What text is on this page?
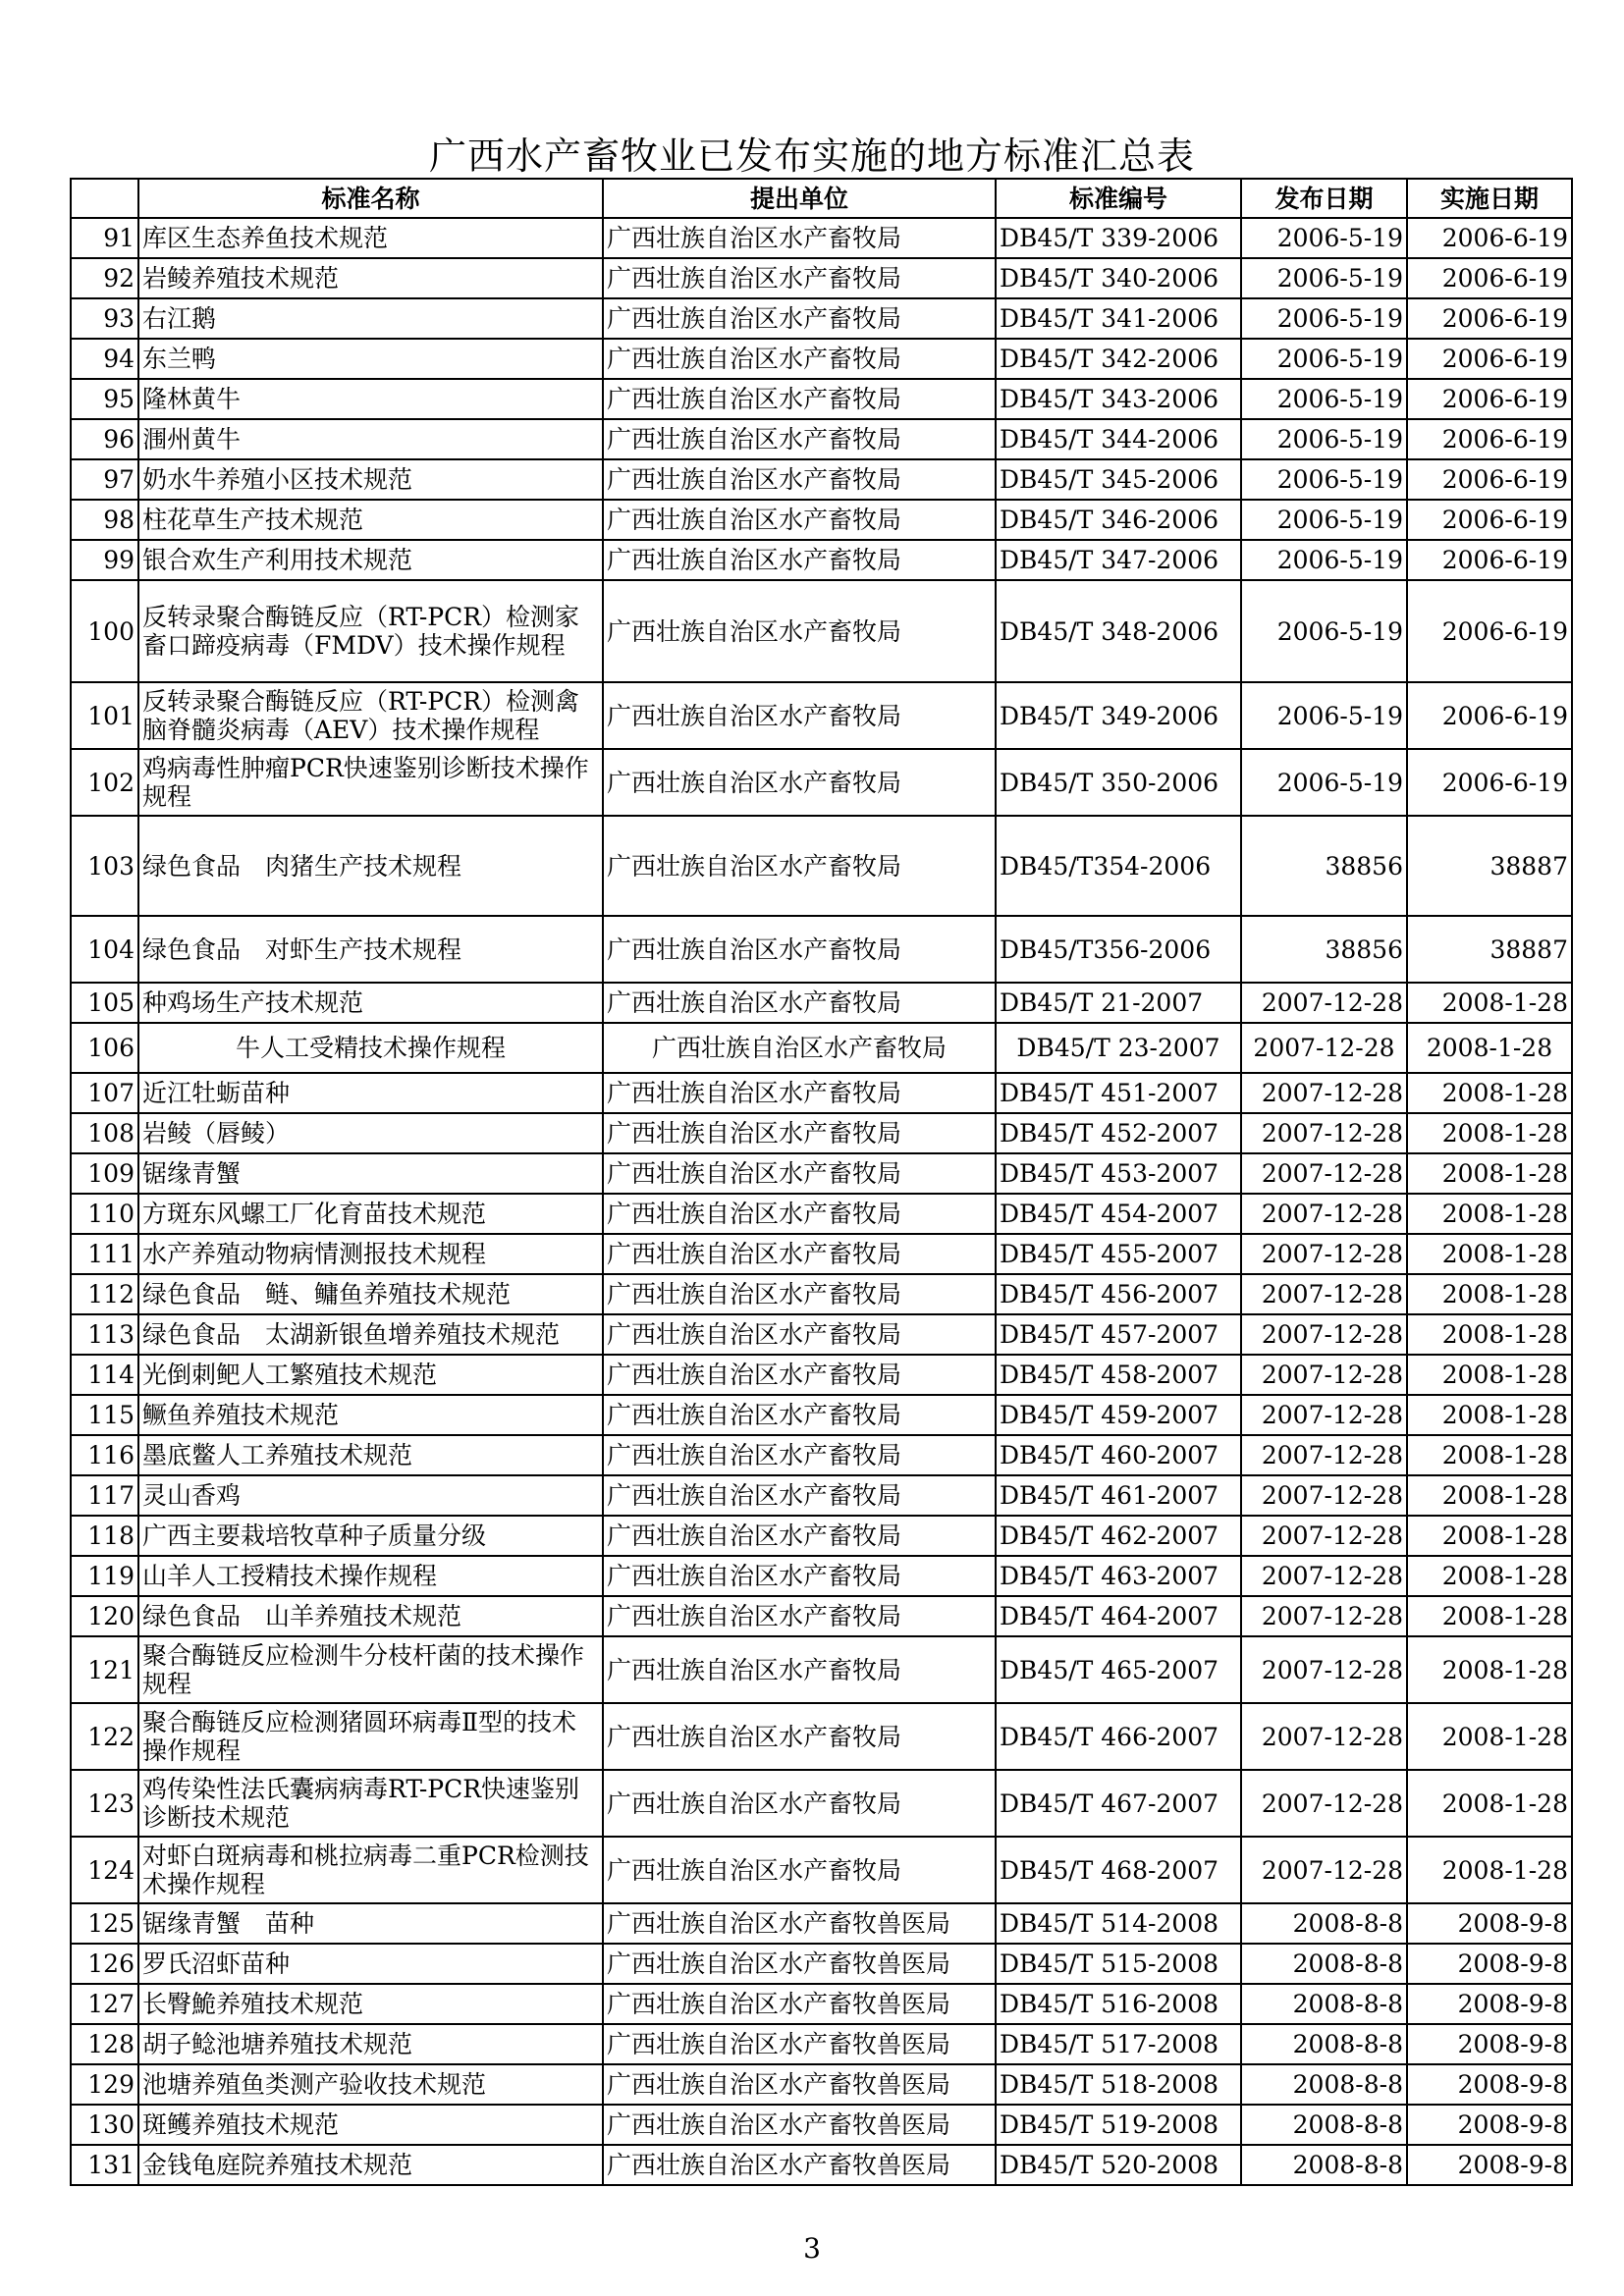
广西水产畜牧业已发布实施的地方标准汇总表
	标准名称	提出单位	标准编号	发布日期	实施日期
91	库区生态养鱼技术规范	广西壮族自治区水产畜牧局	DB45/T 339-2006	2006-5-19	2006-6-19
92	岩鲮养殖技术规范	广西壮族自治区水产畜牧局	DB45/T 340-2006	2006-5-19	2006-6-19
93	右江鹅	广西壮族自治区水产畜牧局	DB45/T 341-2006	2006-5-19	2006-6-19
94	东兰鸭	广西壮族自治区水产畜牧局	DB45/T 342-2006	2006-5-19	2006-6-19
95	隆林黄牛	广西壮族自治区水产畜牧局	DB45/T 343-2006	2006-5-19	2006-6-19
96	涠州黄牛	广西壮族自治区水产畜牧局	DB45/T 344-2006	2006-5-19	2006-6-19
97	奶水牛养殖小区技术规范	广西壮族自治区水产畜牧局	DB45/T 345-2006	2006-5-19	2006-6-19
98	柱花草生产技术规范	广西壮族自治区水产畜牧局	DB45/T 346-2006	2006-5-19	2006-6-19
99	银合欢生产利用技术规范	广西壮族自治区水产畜牧局	DB45/T 347-2006	2006-5-19	2006-6-19
100	反转录聚合酶链反应（RT-PCR）检测家畜口蹄疫病毒（FMDV）技术操作规程	广西壮族自治区水产畜牧局	DB45/T 348-2006	2006-5-19	2006-6-19
101	反转录聚合酶链反应（RT-PCR）检测禽脑脊髓炎病毒（AEV）技术操作规程	广西壮族自治区水产畜牧局	DB45/T 349-2006	2006-5-19	2006-6-19
102	鸡病毒性肿瘤PCR快速鉴别诊断技术操作规程	广西壮族自治区水产畜牧局	DB45/T 350-2006	2006-5-19	2006-6-19
103	绿色食品　肉猪生产技术规程	广西壮族自治区水产畜牧局	DB45/T354-2006	38856	38887
104	绿色食品　对虾生产技术规程	广西壮族自治区水产畜牧局	DB45/T356-2006	38856	38887
105	种鸡场生产技术规范	广西壮族自治区水产畜牧局	DB45/T 21-2007	2007-12-28	2008-1-28
106	牛人工受精技术操作规程	广西壮族自治区水产畜牧局	DB45/T 23-2007	2007-12-28	2008-1-28
107	近江牡蛎苗种	广西壮族自治区水产畜牧局	DB45/T 451-2007	2007-12-28	2008-1-28
108	岩鲮（唇鲮）	广西壮族自治区水产畜牧局	DB45/T 452-2007	2007-12-28	2008-1-28
109	锯缘青蟹	广西壮族自治区水产畜牧局	DB45/T 453-2007	2007-12-28	2008-1-28
110	方斑东风螺工厂化育苗技术规范	广西壮族自治区水产畜牧局	DB45/T 454-2007	2007-12-28	2008-1-28
111	水产养殖动物病情测报技术规程	广西壮族自治区水产畜牧局	DB45/T 455-2007	2007-12-28	2008-1-28
112	绿色食品　鲢、鳙鱼养殖技术规范	广西壮族自治区水产畜牧局	DB45/T 456-2007	2007-12-28	2008-1-28
113	绿色食品　太湖新银鱼增养殖技术规范	广西壮族自治区水产畜牧局	DB45/T 457-2007	2007-12-28	2008-1-28
114	光倒刺鲃人工繁殖技术规范	广西壮族自治区水产畜牧局	DB45/T 458-2007	2007-12-28	2008-1-28
115	鳜鱼养殖技术规范	广西壮族自治区水产畜牧局	DB45/T 459-2007	2007-12-28	2008-1-28
116	墨底鳖人工养殖技术规范	广西壮族自治区水产畜牧局	DB45/T 460-2007	2007-12-28	2008-1-28
117	灵山香鸡	广西壮族自治区水产畜牧局	DB45/T 461-2007	2007-12-28	2008-1-28
118	广西主要栽培牧草种子质量分级	广西壮族自治区水产畜牧局	DB45/T 462-2007	2007-12-28	2008-1-28
119	山羊人工授精技术操作规程	广西壮族自治区水产畜牧局	DB45/T 463-2007	2007-12-28	2008-1-28
120	绿色食品　山羊养殖技术规范	广西壮族自治区水产畜牧局	DB45/T 464-2007	2007-12-28	2008-1-28
121	聚合酶链反应检测牛分枝杆菌的技术操作规程	广西壮族自治区水产畜牧局	DB45/T 465-2007	2007-12-28	2008-1-28
122	聚合酶链反应检测猪圆环病毒Ⅱ型的技术操作规程	广西壮族自治区水产畜牧局	DB45/T 466-2007	2007-12-28	2008-1-28
123	鸡传染性法氏囊病病毒RT-PCR快速鉴别诊断技术规范	广西壮族自治区水产畜牧局	DB45/T 467-2007	2007-12-28	2008-1-28
124	对虾白斑病毒和桃拉病毒二重PCR检测技术操作规程	广西壮族自治区水产畜牧局	DB45/T 468-2007	2007-12-28	2008-1-28
125	锯缘青蟹　苗种	广西壮族自治区水产畜牧兽医局	DB45/T 514-2008	2008-8-8	2008-9-8
126	罗氏沼虾苗种	广西壮族自治区水产畜牧兽医局	DB45/T 515-2008	2008-8-8	2008-9-8
127	长臀鮠养殖技术规范	广西壮族自治区水产畜牧兽医局	DB45/T 516-2008	2008-8-8	2008-9-8
128	胡子鲶池塘养殖技术规范	广西壮族自治区水产畜牧兽医局	DB45/T 517-2008	2008-8-8	2008-9-8
129	池塘养殖鱼类测产验收技术规范	广西壮族自治区水产畜牧兽医局	DB45/T 518-2008	2008-8-8	2008-9-8
130	斑鳠养殖技术规范	广西壮族自治区水产畜牧兽医局	DB45/T 519-2008	2008-8-8	2008-9-8
131	金钱龟庭院养殖技术规范	广西壮族自治区水产畜牧兽医局	DB45/T 520-2008	2008-8-8	2008-9-8
3
